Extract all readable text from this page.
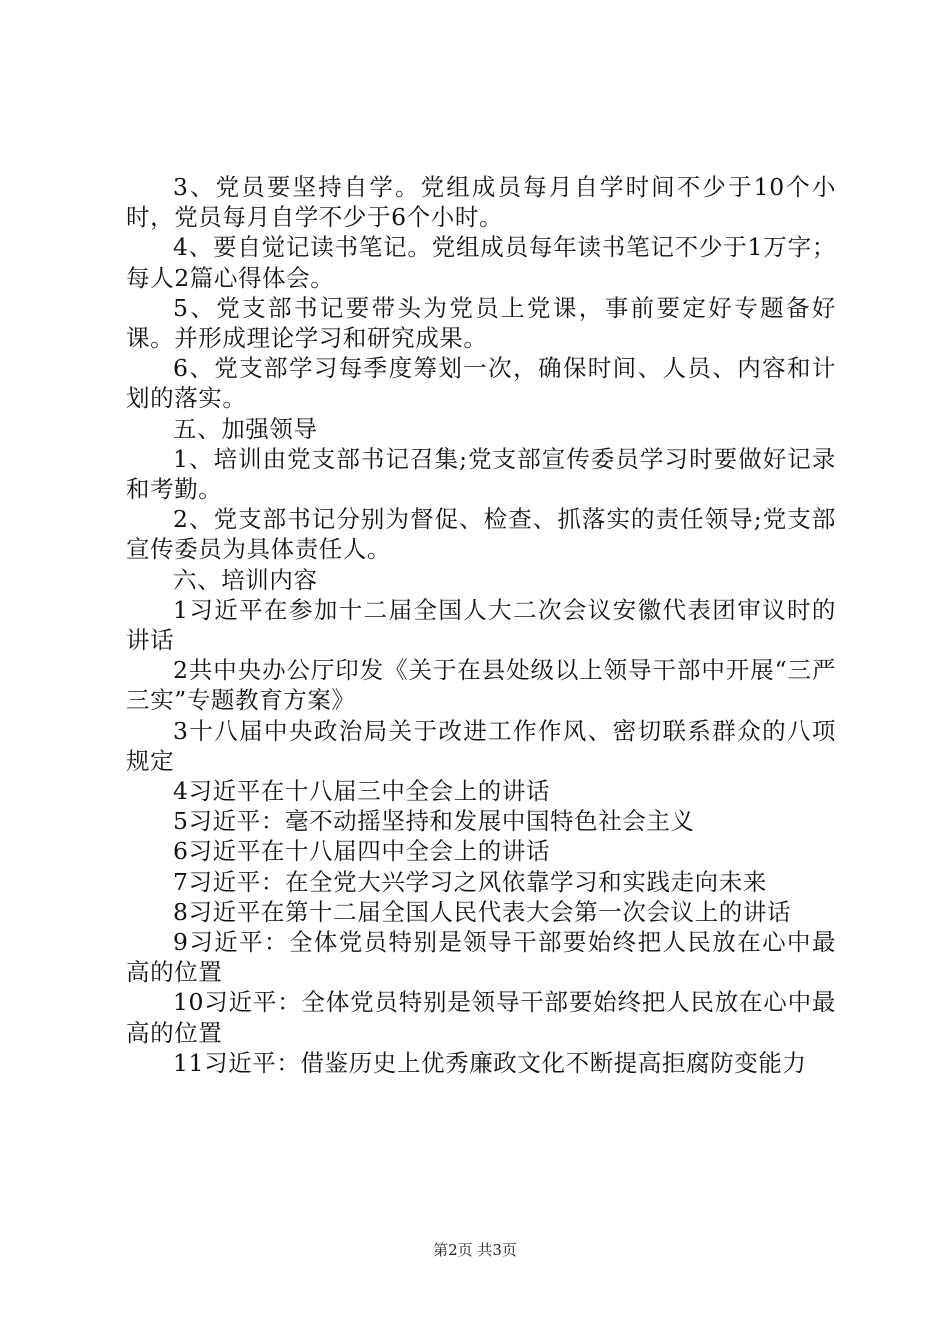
3、党员要坚持自学。党组成员每月自学时间不少于10个小时，党员每月自学不少于6个小时。

4、要自觉记读书笔记。党组成员每年读书笔记不少于1万字；每人2篇心得体会。

5、党支部书记要带头为党员上党课，事前要定好专题备好课。并形成理论学习和研究成果。

6、党支部学习每季度筹划一次，确保时间、人员、内容和计划的落实。

五、加强领导

1、培训由党支部书记召集;党支部宣传委员学习时要做好记录和考勤。

2、党支部书记分别为督促、检查、抓落实的责任领导;党支部宣传委员为具体责任人。

六、培训内容

1习近平在参加十二届全国人大二次会议安徽代表团审议时的讲话

2共中央办公厅印发《关于在县处级以上领导干部中开展“三严三实”专题教育方案》

3十八届中央政治局关于改进工作作风、密切联系群众的八项规定

4习近平在十八届三中全会上的讲话

5习近平：毫不动摇坚持和发展中国特色社会主义

6习近平在十八届四中全会上的讲话

7习近平：在全党大兴学习之风依靠学习和实践走向未来

8习近平在第十二届全国人民代表大会第一次会议上的讲话

9习近平：全体党员特别是领导干部要始终把人民放在心中最高的位置

10习近平：全体党员特别是领导干部要始终把人民放在心中最高的位置

11习近平：借鉴历史上优秀廉政文化不断提高拒腐防变能力

第2页 共3页
